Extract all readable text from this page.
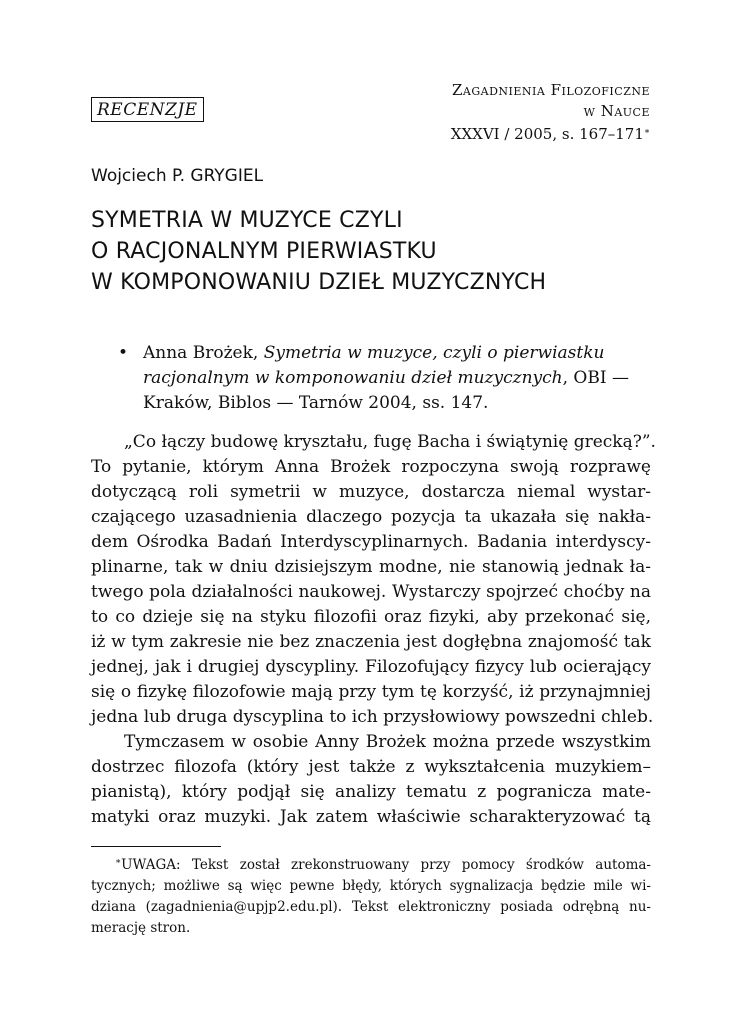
RECENZJE
Zagadnienia Filozoficzne
w Nauce
XXXVI / 2005, s. 167–171∗
Wojciech P. GRYGIEL
SYMETRIA W MUZYCE CZYLI
O RACJONALNYM PIERWIASTKU
W KOMPONOWANIU DZIEŁ MUZYCZNYCH
• Anna Brożek, Symetria w muzyce, czyli o pierwiastku
racjonalnym w komponowaniu dzieł muzycznych, OBI —
Kraków, Biblos — Tarnów 2004, ss. 147.
„Co łączy budowę kryształu, fugę Bacha i świątynię grecką?”.
To pytanie, którym Anna Brożek rozpoczyna swoją rozprawę
dotyczącą roli symetrii w muzyce, dostarcza niemal wystar-
czającego uzasadnienia dlaczego pozycja ta ukazała się nakła-
dem Ośrodka Badań Interdyscyplinarnych. Badania interdyscy-
plinarne, tak w dniu dzisiejszym modne, nie stanowią jednak ła-
twego pola działalności naukowej. Wystarczy spojrzeć choćby na
to co dzieje się na styku filozofii oraz fizyki, aby przekonać się,
iż w tym zakresie nie bez znaczenia jest dogłębna znajomość tak
jednej, jak i drugiej dyscypliny. Filozofujący fizycy lub ocierający
się o fizykę filozofowie mają przy tym tę korzyść, iż przynajmniej
jedna lub druga dyscyplina to ich przysłowiowy powszedni chleb.
Tymczasem w osobie Anny Brożek można przede wszystkim
dostrzec filozofa (który jest także z wykształcenia muzykiem–
pianistą), który podjął się analizy tematu z pogranicza mate-
matyki oraz muzyki. Jak zatem właściwie scharakteryzować tą
∗UWAGA: Tekst został zrekonstruowany przy pomocy środków automa-
tycznych; możliwe są więc pewne błędy, których sygnalizacja będzie mile wi-
dziana (zagadnienia@upjp2.edu.pl). Tekst elektroniczny posiada odrębną nu-
merację stron.
